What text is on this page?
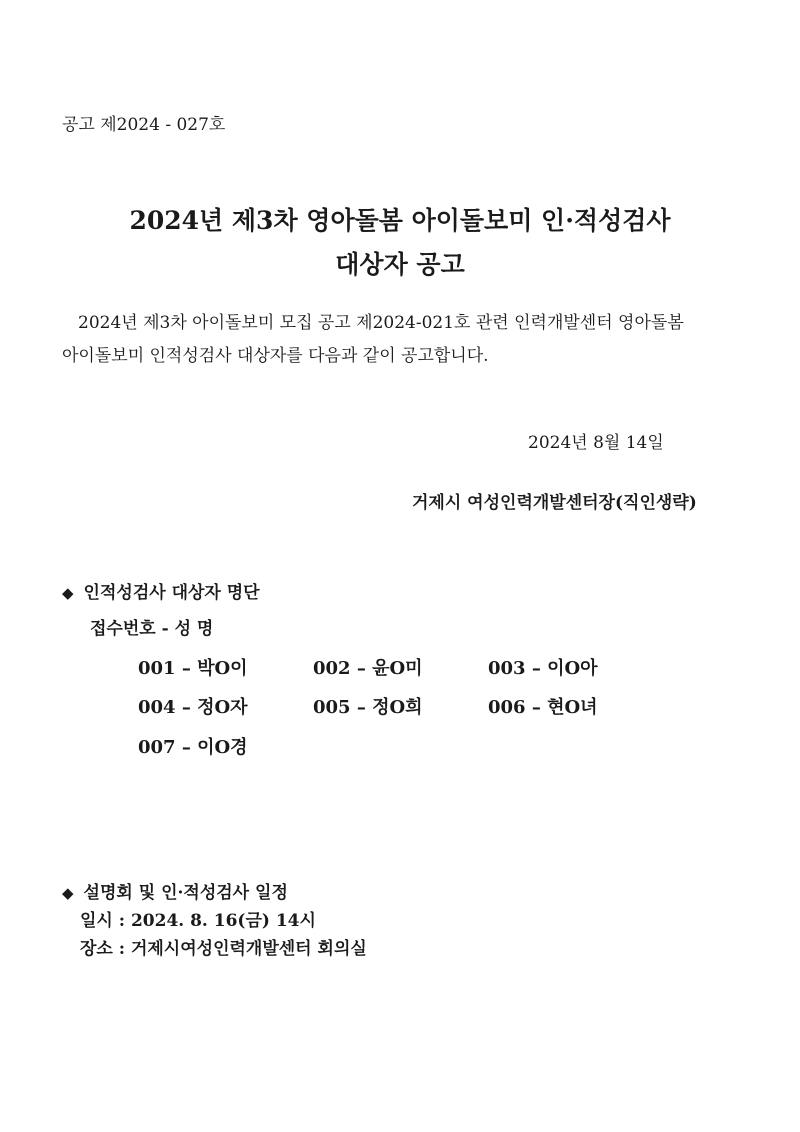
공고 제2024 - 027호
2024년 제3차 영아돌봄 아이돌보미 인·적성검사
대상자 공고
2024년 제3차 아이돌보미 모집 공고 제2024-021호 관련 인력개발센터 영아돌봄
아이돌보미 인적성검사 대상자를 다음과 같이 공고합니다.
2024년 8월 14일
거제시 여성인력개발센터장(직인생략)
◆ 인적성검사 대상자 명단
접수번호 - 성 명
001 – 박O이	002 – 윤O미	003 – 이O아
004 – 정O자	005 – 정O희	006 – 현O녀
007 – 이O경
◆ 설명회 및 인·적성검사 일정
일시 : 2024. 8. 16(금) 14시
장소 : 거제시여성인력개발센터 회의실
